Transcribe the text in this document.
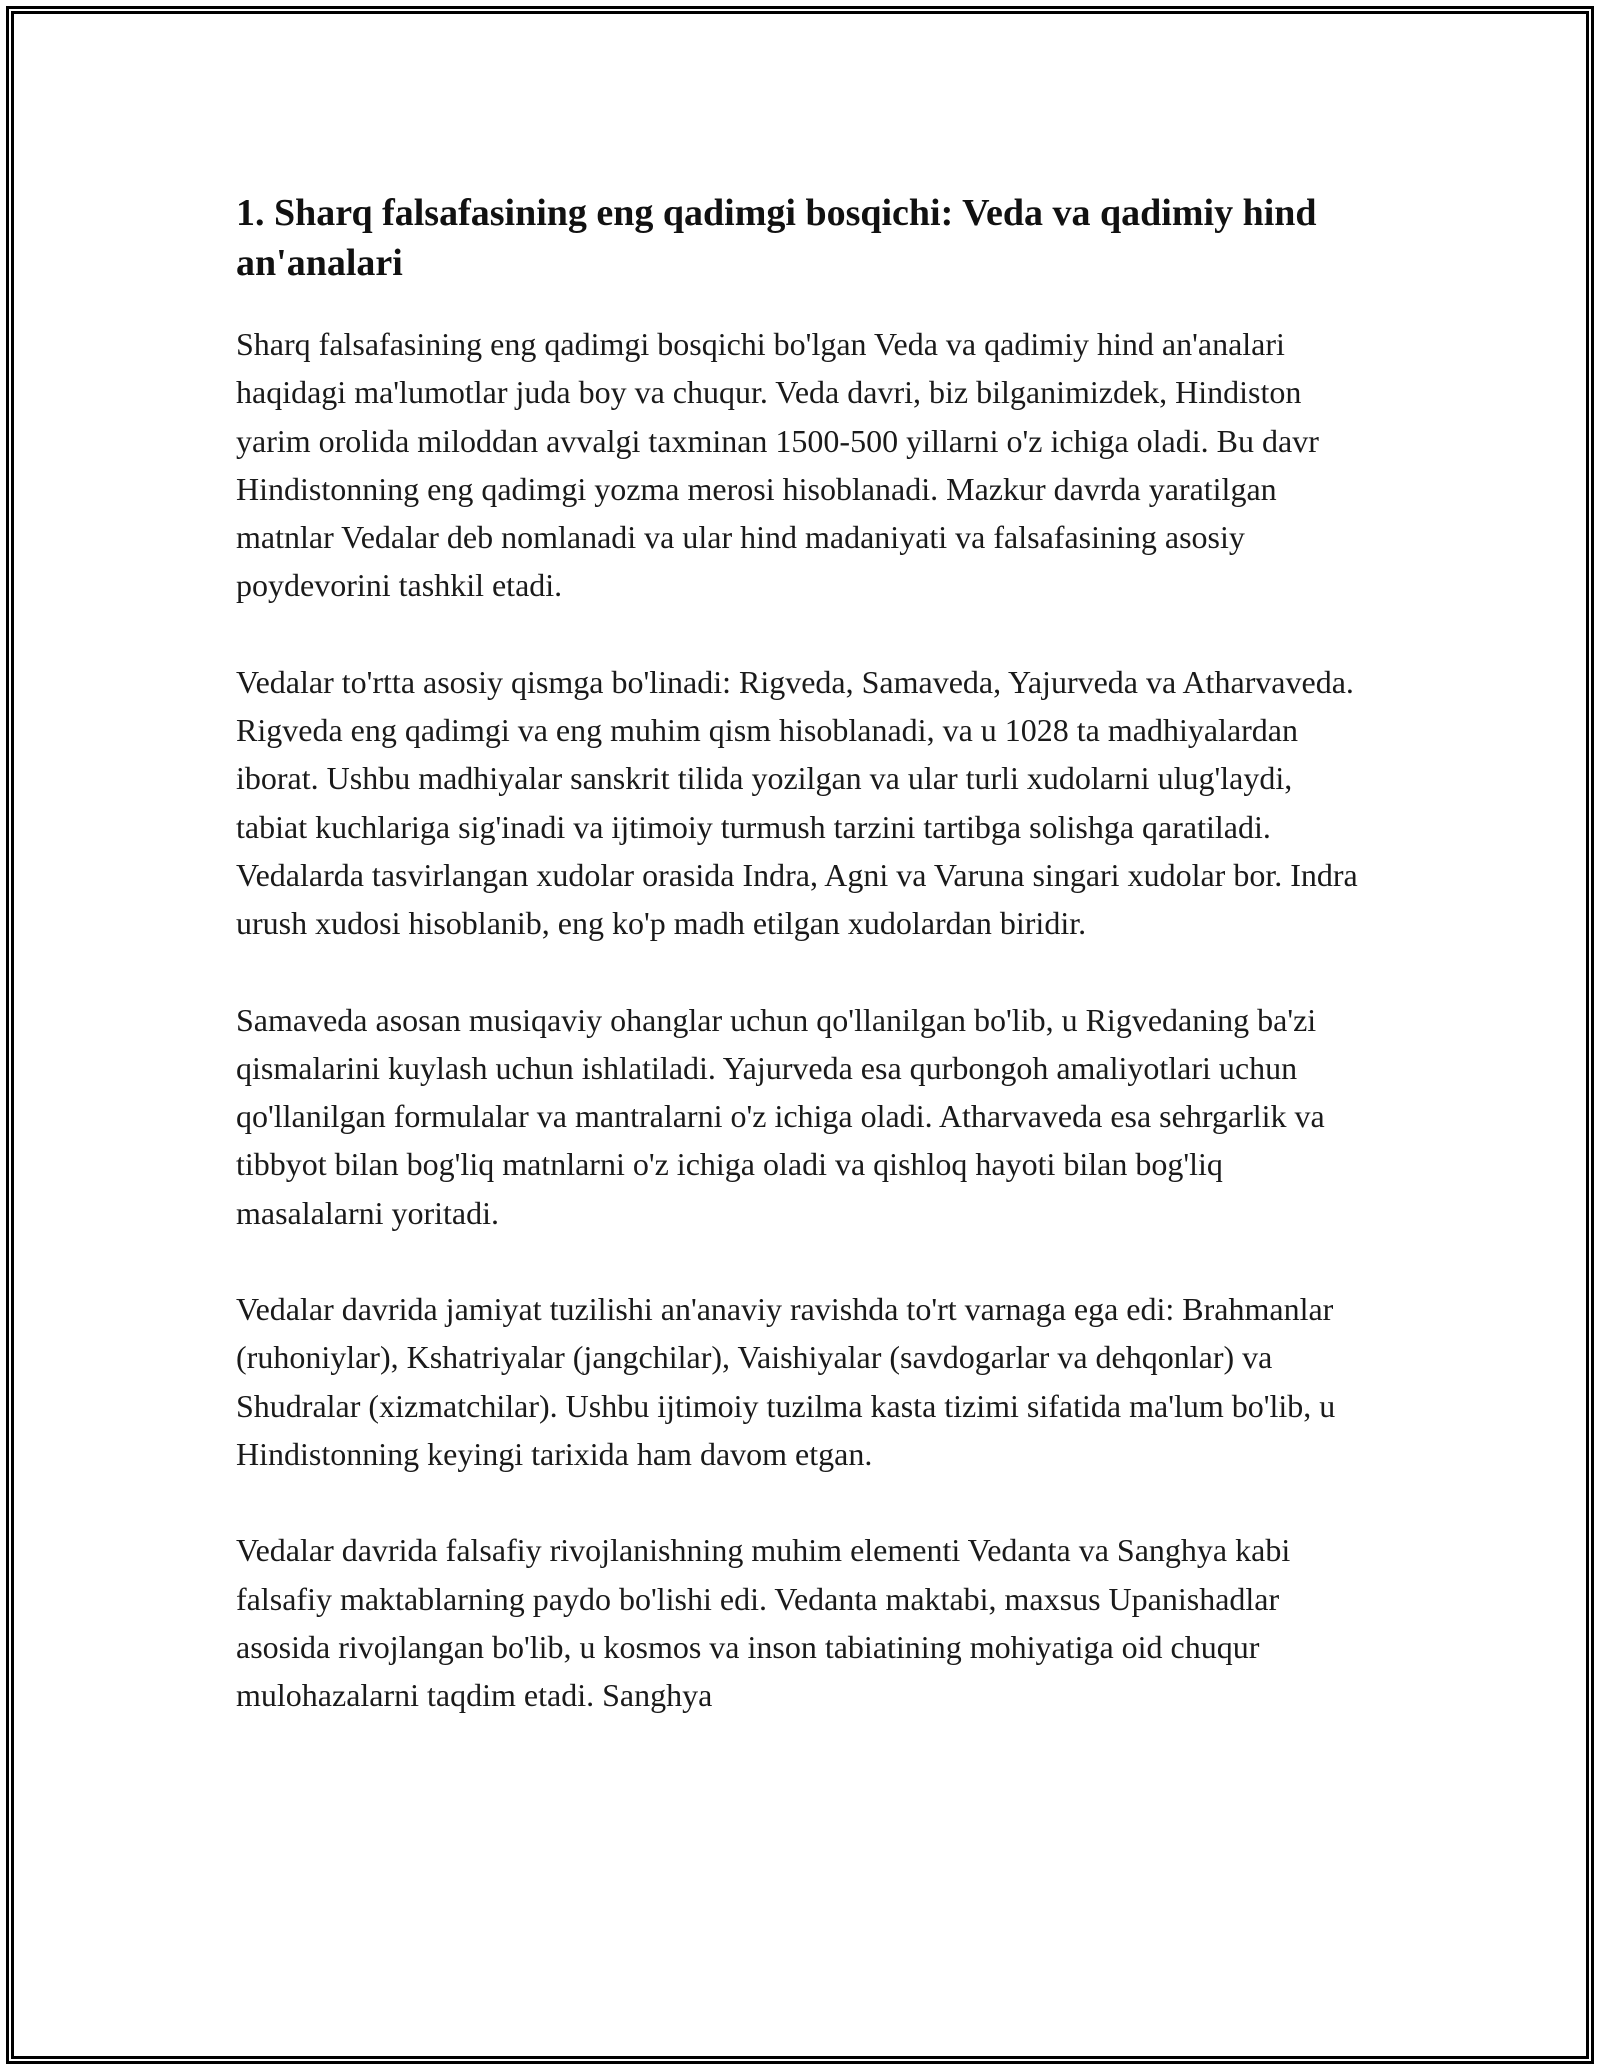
1. Sharq falsafasining eng qadimgi bosqichi: Veda va qadimiy hind an'analari

Sharq falsafasining eng qadimgi bosqichi bo'lgan Veda va qadimiy hind an'analari haqidagi ma'lumotlar juda boy va chuqur. Veda davri, biz bilganimizdek, Hindiston yarim orolida miloddan avvalgi taxminan 1500-500 yillarni o'z ichiga oladi. Bu davr Hindistonning eng qadimgi yozma merosi hisoblanadi. Mazkur davrda yaratilgan matnlar Vedalar deb nomlanadi va ular hind madaniyati va falsafasining asosiy poydevorini tashkil etadi.

Vedalar to'rtta asosiy qismga bo'linadi: Rigveda, Samaveda, Yajurveda va Atharvaveda. Rigveda eng qadimgi va eng muhim qism hisoblanadi, va u 1028 ta madhiyalardan iborat. Ushbu madhiyalar sanskrit tilida yozilgan va ular turli xudolarni ulug'laydi, tabiat kuchlariga sig'inadi va ijtimoiy turmush tarzini tartibga solishga qaratiladi. Vedalarda tasvirlangan xudolar orasida Indra, Agni va Varuna singari xudolar bor. Indra urush xudosi hisoblanib, eng ko'p madh etilgan xudolardan biridir.

Samaveda asosan musiqaviy ohanglar uchun qo'llanilgan bo'lib, u Rigvedaning ba'zi qismalarini kuylash uchun ishlatiladi. Yajurveda esa qurbongoh amaliyotlari uchun qo'llanilgan formulalar va mantralarni o'z ichiga oladi. Atharvaveda esa sehrgarlik va tibbyot bilan bog'liq matnlarni o'z ichiga oladi va qishloq hayoti bilan bog'liq masalalarni yoritadi.

Vedalar davrida jamiyat tuzilishi an'anaviy ravishda to'rt varnaga ega edi: Brahmanlar (ruhoniylar), Kshatriyalar (jangchilar), Vaishiyalar (savdogarlar va dehqonlar) va Shudralar (xizmatchilar). Ushbu ijtimoiy tuzilma kasta tizimi sifatida ma'lum bo'lib, u Hindistonning keyingi tarixida ham davom etgan.

Vedalar davrida falsafiy rivojlanishning muhim elementi Vedanta va Sanghya kabi falsafiy maktablarning paydo bo'lishi edi. Vedanta maktabi, maxsus Upanishadlar asosida rivojlangan bo'lib, u kosmos va inson tabiatining mohiyatiga oid chuqur mulohazalarni taqdim etadi. Sanghya
